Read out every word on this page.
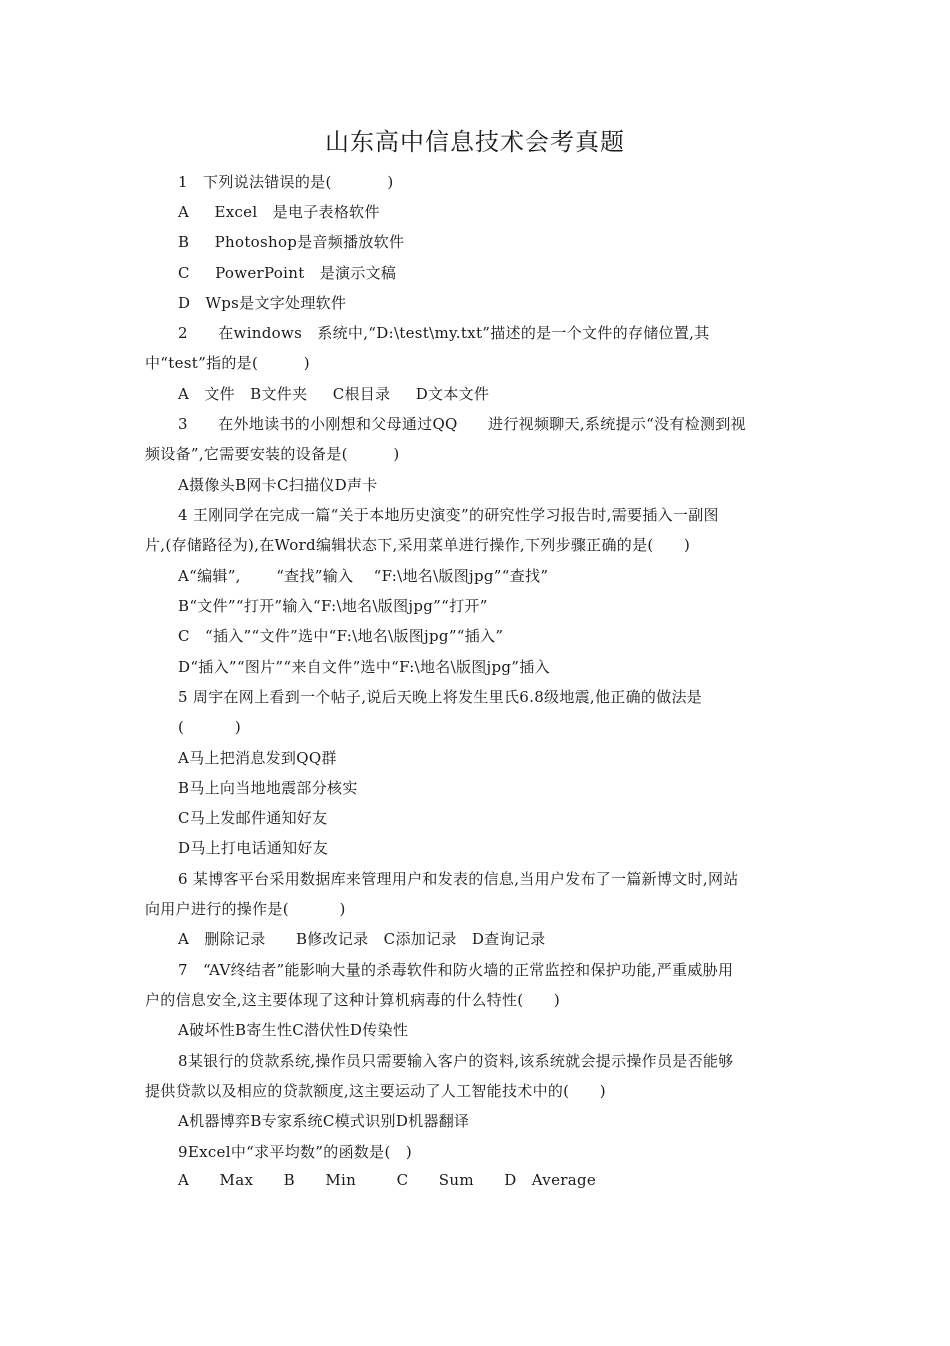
山东高中信息技术会考真题
1   下列说法错误的是(           )
A     Excel   是电子表格软件
B     Photoshop是音频播放软件
C     PowerPoint   是演示文稿
D   Wps是文字处理软件
2      在windows   系统中,“D:\test\my.txt”描述的是一个文件的存储位置,其
中“test”指的是(         )
A   文件   B文件夹     C根目录     D文本文件
3      在外地读书的小刚想和父母通过QQ      进行视频聊天,系统提示“没有检测到视
频设备”,它需要安装的设备是(         )
A摄像头B网卡C扫描仪D声卡
4 王刚同学在完成一篇“关于本地历史演变”的研究性学习报告时,需要插入一副图
片,(存储路径为),在Word编辑状态下,采用菜单进行操作,下列步骤正确的是(      )
A“编辑”,       “查找”输入    “F:\地名\版图jpg”“查找”
B“文件”“打开”输入“F:\地名\版图jpg”“打开”
C   “插入”“文件”选中“F:\地名\版图jpg”“插入”
D“插入”“图片”“来自文件”选中“F:\地名\版图jpg”插入
5 周宇在网上看到一个帖子,说后天晚上将发生里氏6.8级地震,他正确的做法是
(          )
A马上把消息发到QQ群
B马上向当地地震部分核实
C马上发邮件通知好友
D马上打电话通知好友
6 某博客平台采用数据库来管理用户和发表的信息,当用户发布了一篇新博文时,网站
向用户进行的操作是(          )
A   删除记录      B修改记录   C添加记录   D查询记录
7   “AV终结者”能影响大量的杀毒软件和防火墙的正常监控和保护功能,严重威胁用
户的信息安全,这主要体现了这种计算机病毒的什么特性(      )
A破坏性B寄生性C潜伏性D传染性
8某银行的贷款系统,操作员只需要输入客户的资料,该系统就会提示操作员是否能够
提供贷款以及相应的贷款额度,这主要运动了人工智能技术中的(      )
A机器博弈B专家系统C模式识别D机器翻译
9Excel中“求平均数”的函数是(   )
A      Max      B      Min        C      Sum      D   Average
